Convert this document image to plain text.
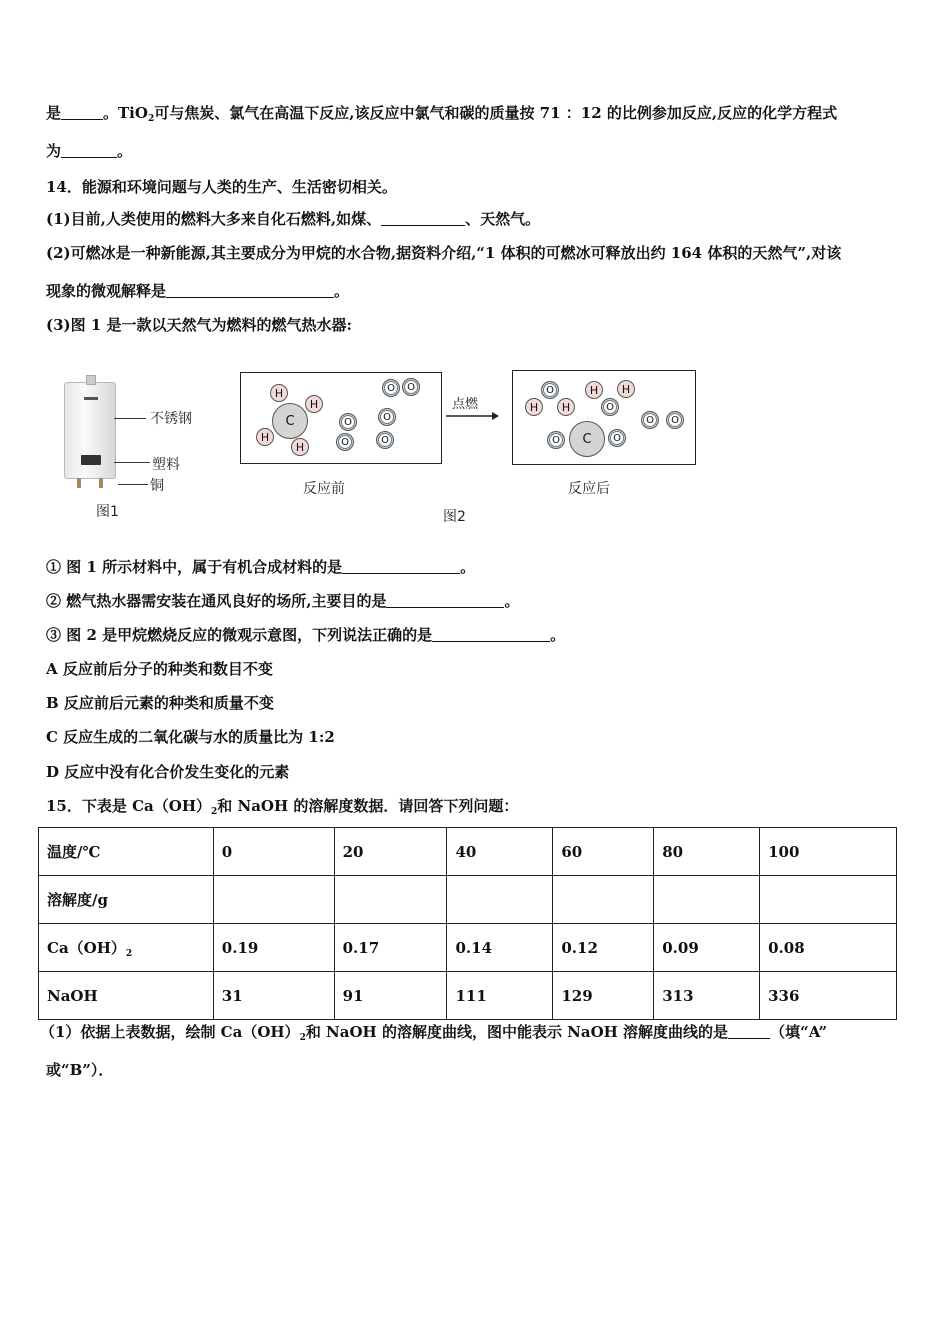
是	。TiO$_2$可与焦炭、氯气在高温下反应,该反应中氯气和碳的质量按 71 ：12 的比例参加反应,反应的化学方程式
为	。
14．能源和环境问题与人类的生产、生活密切相关。
(1)目前,人类使用的燃料大多来自化石燃料,如煤、	、天然气。
(2)可燃冰是一种新能源,其主要成分为甲烷的水合物,据资料介绍,“1 体积的可燃冰可释放出约 164 体积的天然气”,对该
现象的微观解释是	。
(3)图 1 是一款以天然气为燃料的燃气热水器:
不锈钢
塑料
铜
图1
C
H
H
H
H
O
O
O	O
O
O
反应前
点燃
O
H	H
H	H
O
C
O	O
O	O
反应后
图2
① 图 1 所示材料中，属于有机合成材料的是	。
② 燃气热水器需安装在通风良好的场所,主要目的是	。
③ 图 2 是甲烷燃烧反应的微观示意图，下列说法正确的是	。
A 反应前后分子的种类和数目不变
B 反应前后元素的种类和质量不变
C 反应生成的二氧化碳与水的质量比为 1:2
D 反应中没有化合价发生变化的元素
15．下表是 $Ca(OH)_2$和 NaOH 的溶解度数据．请回答下列问题：
温度/℃	0	20	40	60	80	100
溶解度/g						
$Ca(OH)_2$	0.19	0.17	0.14	0.12	0.09	0.08
NaOH	31	91	111	129	313	336
（1）依据上表数据，绘制 $Ca(OH)_2$和 NaOH 的溶解度曲线，图中能表示 NaOH 溶解度曲线的是	（填“A”
或“B”）．
